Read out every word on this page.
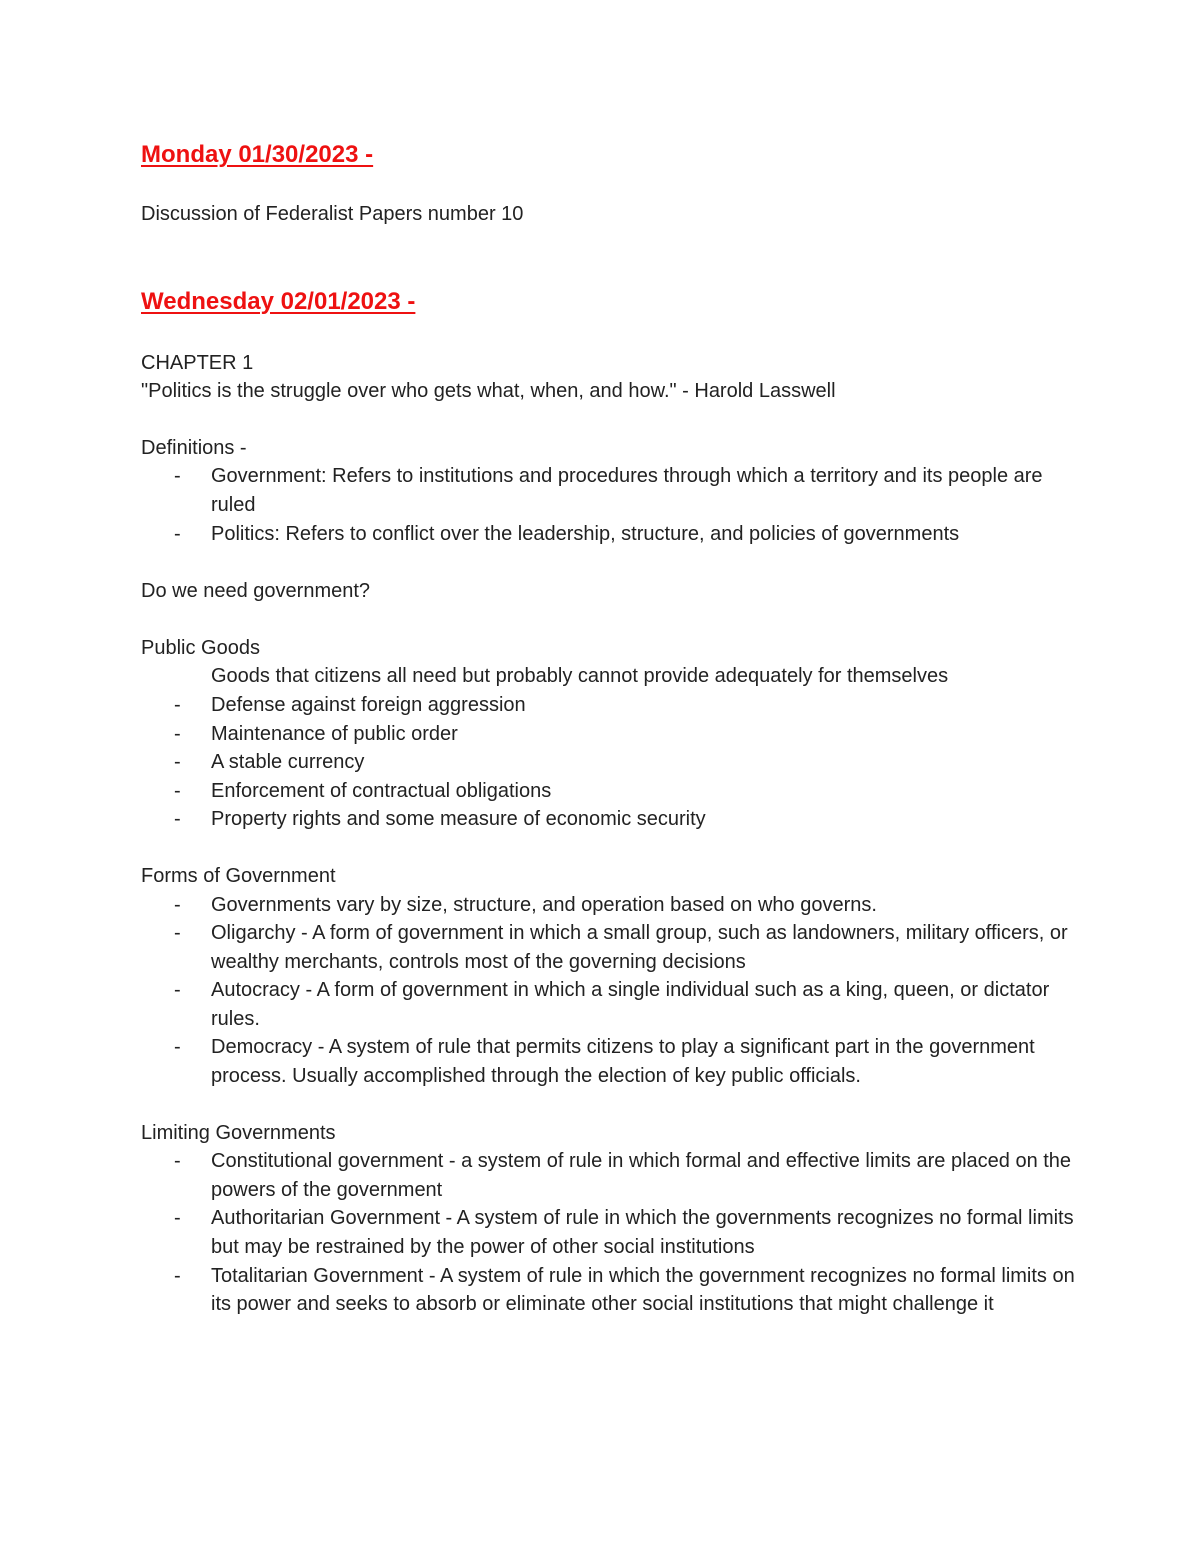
Monday 01/30/2023 -
Discussion of Federalist Papers number 10
Wednesday 02/01/2023 -
CHAPTER 1
"Politics is the struggle over who gets what, when, and how." - Harold Lasswell
Definitions -
- Government: Refers to institutions and procedures through which a territory and its people are ruled
- Politics: Refers to conflict over the leadership, structure, and policies of governments
Do we need government?
Public Goods
Goods that citizens all need but probably cannot provide adequately for themselves
- Defense against foreign aggression
- Maintenance of public order
- A stable currency
- Enforcement of contractual obligations
- Property rights and some measure of economic security
Forms of Government
- Governments vary by size, structure, and operation based on who governs.
- Oligarchy - A form of government in which a small group, such as landowners, military officers, or wealthy merchants, controls most of the governing decisions
- Autocracy - A form of government in which a single individual such as a king, queen, or dictator rules.
- Democracy - A system of rule that permits citizens to play a significant part in the government process. Usually accomplished through the election of key public officials.
Limiting Governments
- Constitutional government - a system of rule in which formal and effective limits are placed on the powers of the government
- Authoritarian Government - A system of rule in which the governments recognizes no formal limits but may be restrained by the power of other social institutions
- Totalitarian Government - A system of rule in which the government recognizes no formal limits on its power and seeks to absorb or eliminate other social institutions that might challenge it
